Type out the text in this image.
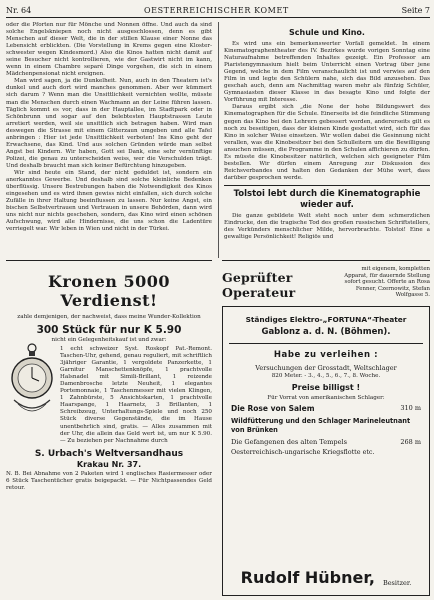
Nr. 64	OESTERREICHISCHER KOMET	Seite 7

oder die Pforten nur für Mönche und Nonnen öffne. Und auch da sind solche Engelskniepen noch nicht ausgeschlossen, denn es gibt Menschen auf dieser Welt, die in der stillen Klause einer Nonne das Lebensicht erblickten. (Die Vorstellung in Krems gegen eine Kloster-schwester wegen Kindesmord.) Also die Kinos hatten nicht damit auf seine Besucher nicht kontrollieren, wie der Gastwirt nicht im kann, wenn in einem Chambre separé Dinge vorgehen, die sich in einem Mädchenpensionat nicht ereignen.

Man wird sagen, ja die Dunkelheit. Nun, auch in den Theatern ist's dunkel und auch dort wird manches genommen. Aber wer kümmert sich darum ? Wenn man die Unsittlichkeit vernichten wollte, müsste man die Menschen durch einen Wachmann an der Leine führen lassen. Täglich kommt es vor, dass in der Hauptallee, im Stadtpark oder in Schönbrunn und sogar auf den belebtesten Hauptstrassen Leute arretiert werden, weil sie unsittlich sich betragen haben. Wird man deswegen die Strasse mit einem Gitterzaun umgeben und alle Tafel anbringen : Hier ist jede Unsittlichkeit verboten! Ins Kino geht der Erwachsene, das Kind. Und aus solchen Gründen würde man selbst Angst bei Kindern. Wir haben, Gott sei Dank, eine sehr vernünftige Polizei, die genau zu unterscheiden weiss, wer die Verschulden trägt. Und deshalb braucht man sich keiner Befürchtung hinzugeben.

Wir sind heute ein Stand, der nicht geduldet ist, sondern ein anerkanntes Gewerbe. Und deshalb sind solche kleinliche Bedenken überflüssig. Unsere Bestrebungen haben die Notwendigkeit des Kinos eingesehen und es wird ihnen gewiss nicht einfallen, sich durch solche Zufälle in ihrer Haltung beeinflussen zu lassen. Nur keine Angst, ein bischen Selbstvertrauen und Vertrauen in unsere Behörden, dann wird uns nicht nur nichts geschehen, sondern, das Kino wird einen schönen Aufschwung, wird alle Hindernisse, die uns schon die Ladentüre verriegelt war. Wir leben in Wien und nicht in der Türkei.

Schule und Kino.

Es wird uns ein bemerkenswerter Vorfall gemeldet. In einem Kinematographentheater des IV. Bezirkes wurde vorigen Sonntag eine Naturaufnahme betreffenden Inhaltes gezeigt. Ein Professor am Piaristengymnasium hielt beim Unterricht einen Vortrag über jene Gegend, welche in dem Film veranschaulicht ist und verwies auf den Film in und legte den Schülern nahe, sich das Bild anzusehen. Das geschah auch, denn am Nachmittag waren mehr als fünfzig Schüler, Gymnasiasten dieser Klasse in das besagte Kino und folgte der Vorführung mit Interesse.

Daraus ergibt sich „die None der hohe Bildungswert des Kinematographen für die Schule. Einerseits ist die feindliche Stimmung gegen das Kino bei den Lehrern gebessert worden, andererseits gilt es noch zu beseitigen, dass der kleinen Kinde gestattet wird, sich für das Kino in solcher Weise einsetzen. Wir wollen dabei die Gesinnung nicht verallen, was die Kinobesitzer bei den Schulleitern um die Bewilligung ansuchen müssen, die Programme in den Schulen affichieren zu dürfen. Es müsste die Kinobesitzer natürlich, welchen sich geeigneter Film bestellen. Wir dürfen einem Anregung zur Diskussion des Reichsverbandes und halten den Gedanken der Mühe wert, dass darüber gesprochen werde.

Tolstoi lebt durch die Kinematographie wieder auf.

Die ganze gebildete Welt steht noch unter dem schmerzlichen Eindrucke, den die tragische Tod des großen russischen Schriftstellers, des Verkünders menschlicher Milde, hervorbrachte. Tolstoi! Eine a gewaltige Persönlichkeit! Religiös und

Kronen 5000 Verdienst!

zahle demjenigen, der nachweist, dass meine Wunder-Kollektion

300 Stück für nur K 5.90

nicht ein Gelegenheitskauf ist und zwar:

1 echt schweizer Syst. Roskopf Pat.-Remont. Taschen-Uhr, gehend, genau reguliert, mit schriftlich 3jähriger Garantie, 1 vergoldete Panzerkette, 1 Garnitur Manschettenknöpfe, 1 prachtvolle Halsnadel mit Simili-Brillant, 1 reizende Damenbrosche letzte Neuheit, 1 elegantes Portemonnaie, 1 Taschenmesser mit vielen Klingen, 1 Zahnbürste, 5 Ansichtskarten, 1 prachtvolle Haarspange, 1 Haarnetz, 3 Brillanten, 1 Schreibzeug, Unterhaltungs-Spiele und noch 250 Stück diverse Gegenstände, die im Hause unentbehrlich sind, gratis. — Alles zusammen mit der Uhr, die allein das Geld wert ist, um nur K 5.90. — Zu beziehen per Nachnahme durch

S. Urbach's Weltversandhaus

Krakau Nr. 37.

N. B. Bei Abnahme von 2 Paketen wird 1 englisches Rasiermesser oder 6 Stück Taschentücher gratis beigepackt. — Für Nichtpassendes Geld retour.

Geprüfter Operateur

mit eigenem, kompletten Apparat, für dauernde Stellung sofort gesucht. Offerte an Rosa Fenner, Czernowitz, Stefan Wolfgasse 5.

Ständiges Elektro-„FORTUNA“-Theater

Gablonz a. d. N. (Böhmen).

Habe zu verleihen :

Versuchungen der Grosstadt, Weltschlager

820 Meter. - 3., 4., 5., 6., 7., 8. Woche.

Preise billigst !

Für Vorrat von amerikanischen Schlager:

Die Rose von Salem	310 m

Wildfütterung und den Schlager Marineleutnant von Brünken

Die Gefangenen des alten Tempels	268 m

Oesterreichisch-ungarische Kriegsflotte etc.

Rudolf Hübner, Besitzer.
